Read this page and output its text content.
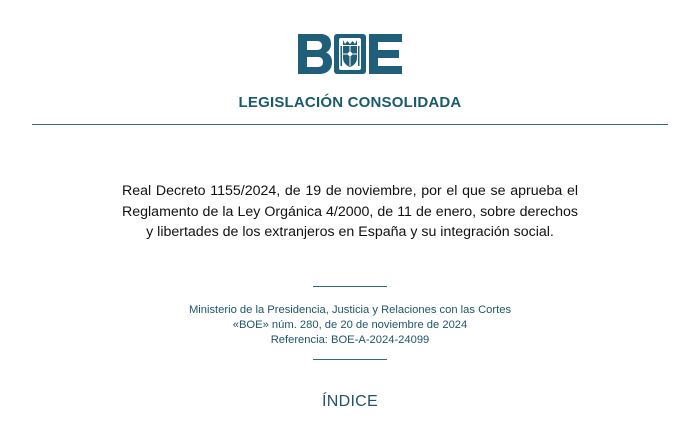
LEGISLACIÓN CONSOLIDADA
Real Decreto 1155/2024, de 19 de noviembre, por el que se aprueba el Reglamento de la Ley Orgánica 4/2000, de 11 de enero, sobre derechos y libertades de los extranjeros en España y su integración social.
Ministerio de la Presidencia, Justicia y Relaciones con las Cortes
«BOE» núm. 280, de 20 de noviembre de 2024
Referencia: BOE-A-2024-24099
ÍNDICE
